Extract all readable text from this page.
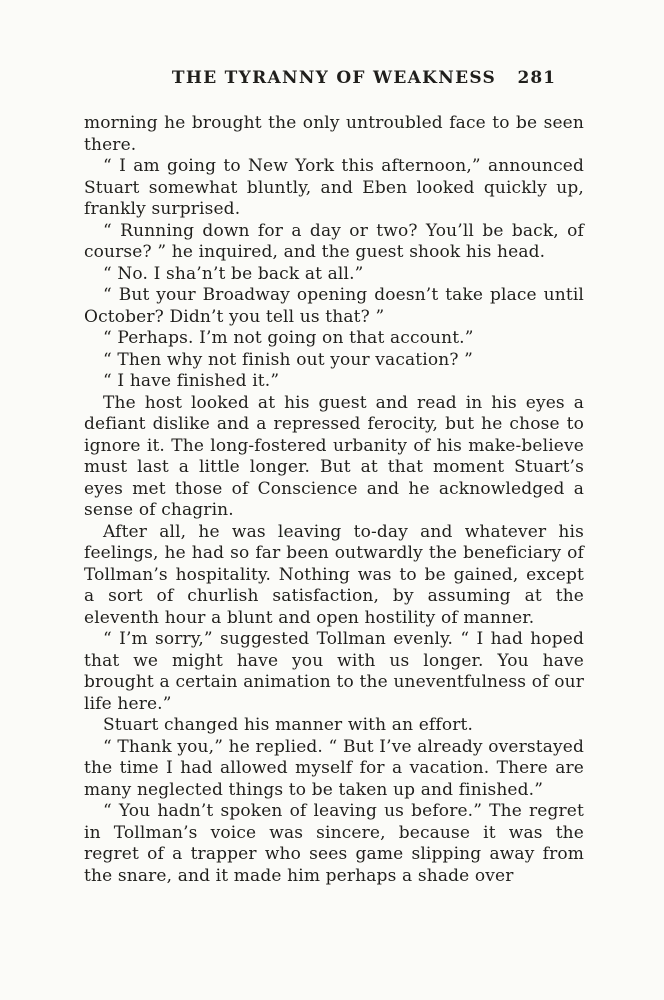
THE TYRANNY OF WEAKNESS 281

morning he brought the only untroubled face to be seen there.

“ I am going to New York this afternoon,” announced Stuart somewhat bluntly, and Eben looked quickly up, frankly surprised.

“ Running down for a day or two? You’ll be back, of course? ” he inquired, and the guest shook his head.

“ No. I sha’n’t be back at all.”

“ But your Broadway opening doesn’t take place until October? Didn’t you tell us that? ”

“ Perhaps. I’m not going on that account.”

“ Then why not finish out your vacation? ”

“ I have finished it.”

The host looked at his guest and read in his eyes a defiant dislike and a repressed ferocity, but he chose to ignore it. The long-fostered urbanity of his make-believe must last a little longer. But at that moment Stuart’s eyes met those of Conscience and he acknowledged a sense of chagrin.

After all, he was leaving to-day and whatever his feelings, he had so far been outwardly the beneficiary of Tollman’s hospitality. Nothing was to be gained, except a sort of churlish satisfaction, by assuming at the eleventh hour a blunt and open hostility of manner.

“ I’m sorry,” suggested Tollman evenly. “ I had hoped that we might have you with us longer. You have brought a certain animation to the uneventfulness of our life here.”

Stuart changed his manner with an effort.

“ Thank you,” he replied. “ But I’ve already overstayed the time I had allowed myself for a vacation. There are many neglected things to be taken up and finished.”

“ You hadn’t spoken of leaving us before.” The regret in Tollman’s voice was sincere, because it was the regret of a trapper who sees game slipping away from the snare, and it made him perhaps a shade over
